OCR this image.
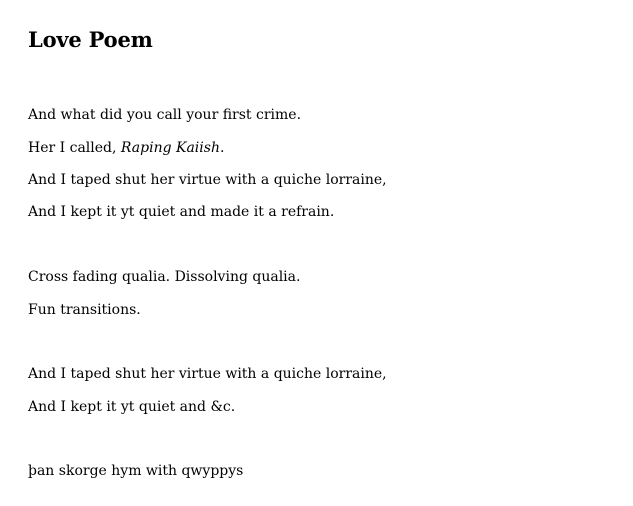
Love Poem

And what did you call your first crime.

Her I called, Raping Kaiish.

And I taped shut her virtue with a quiche lorraine,

And I kept it yt quiet and made it a refrain.

Cross fading qualia. Dissolving qualia.

Fun transitions.

And I taped shut her virtue with a quiche lorraine,

And I kept it yt quiet and &c.

þan skorge hym with qwyppys
